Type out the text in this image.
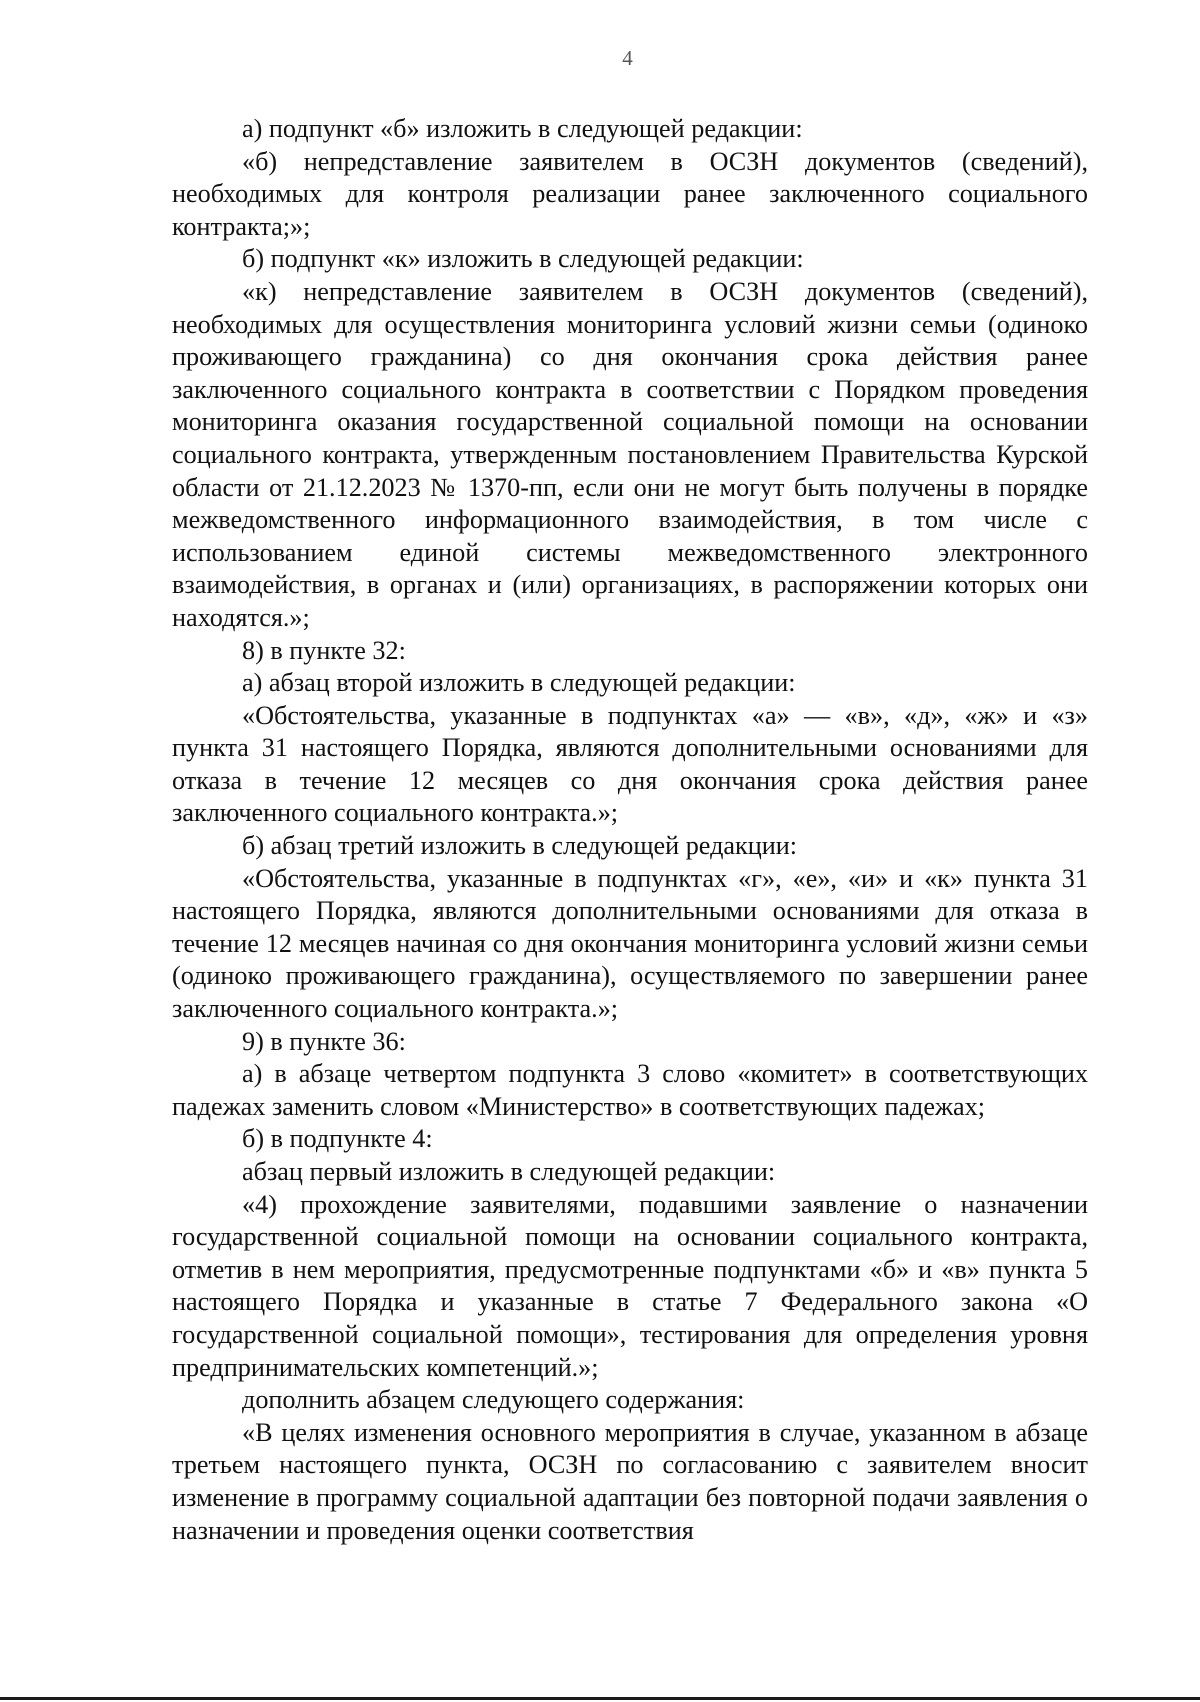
4

а) подпункт «б» изложить в следующей редакции:

«б) непредставление заявителем в ОСЗН документов (сведений), необходимых для контроля реализации ранее заключенного социального контракта;»;

б) подпункт «к» изложить в следующей редакции:

«к) непредставление заявителем в ОСЗН документов (сведений), необходимых для осуществления мониторинга условий жизни семьи (одиноко проживающего гражданина) со дня окончания срока действия ранее заключенного социального контракта в соответствии с Порядком проведения мониторинга оказания государственной социальной помощи на основании социального контракта, утвержденным постановлением Правительства Курской области от 21.12.2023 № 1370-пп, если они не могут быть получены в порядке межведомственного информационного взаимодействия, в том числе с использованием единой системы межведомственного электронного взаимодействия, в органах и (или) организациях, в распоряжении которых они находятся.»;

8) в пункте 32:

а) абзац второй изложить в следующей редакции:

«Обстоятельства, указанные в подпунктах «а» — «в», «д», «ж» и «з» пункта 31 настоящего Порядка, являются дополнительными основаниями для отказа в течение 12 месяцев со дня окончания срока действия ранее заключенного социального контракта.»;

б) абзац третий изложить в следующей редакции:

«Обстоятельства, указанные в подпунктах «г», «е», «и» и «к» пункта 31 настоящего Порядка, являются дополнительными основаниями для отказа в течение 12 месяцев начиная со дня окончания мониторинга условий жизни семьи (одиноко проживающего гражданина), осуществляемого по завершении ранее заключенного социального контракта.»;

9) в пункте 36:

а) в абзаце четвертом подпункта 3 слово «комитет» в соответствующих падежах заменить словом «Министерство» в соответствующих падежах;

б) в подпункте 4:

абзац первый изложить в следующей редакции:

«4) прохождение заявителями, подавшими заявление о назначении государственной социальной помощи на основании социального контракта, отметив в нем мероприятия, предусмотренные подпунктами «б» и «в» пункта 5 настоящего Порядка и указанные в статье 7 Федерального закона «О государственной социальной помощи», тестирования для определения уровня предпринимательских компетенций.»;

дополнить абзацем следующего содержания:

«В целях изменения основного мероприятия в случае, указанном в абзаце третьем настоящего пункта, ОСЗН по согласованию с заявителем вносит изменение в программу социальной адаптации без повторной подачи заявления о назначении и проведения оценки соответствия
